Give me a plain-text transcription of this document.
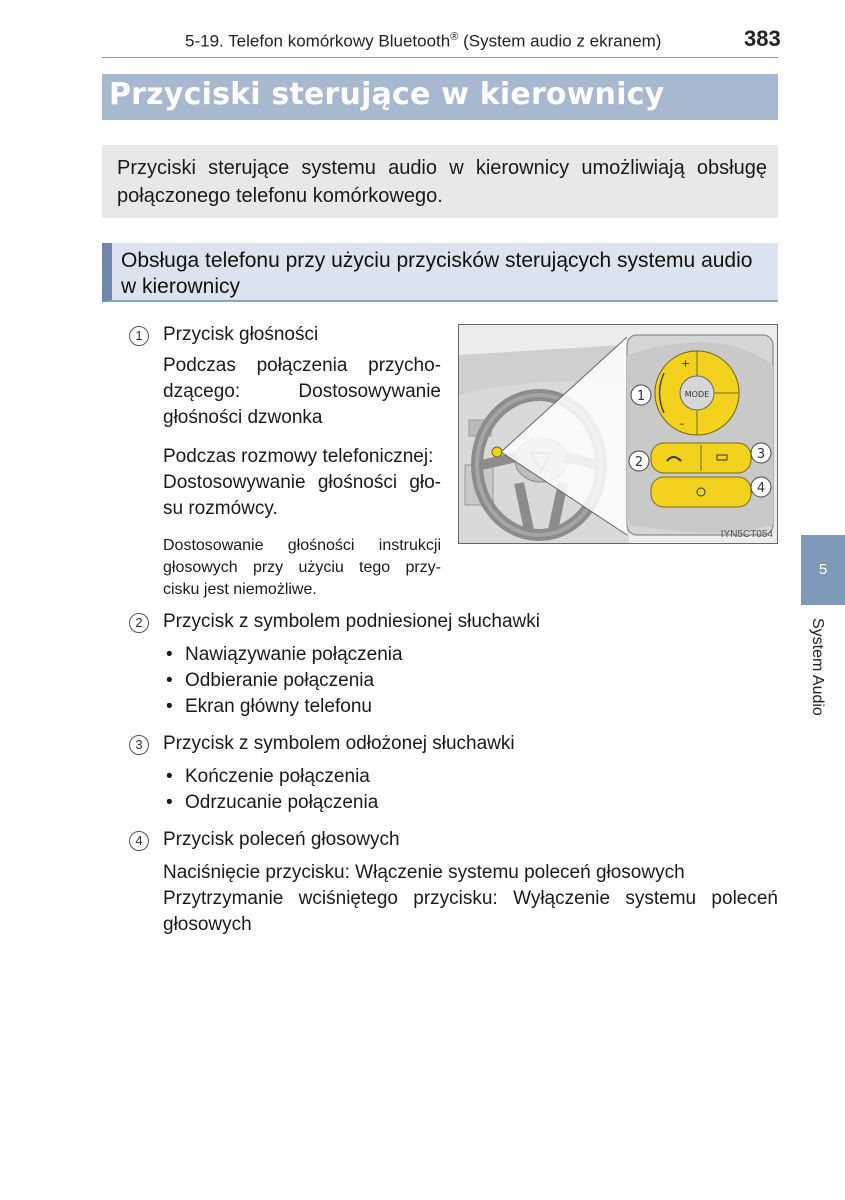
5-19. Telefon komórkowy Bluetooth® (System audio z ekranem)	383
Przyciski sterujące w kierownicy
Przyciski sterujące systemu audio w kierownicy umożliwiają obsługę połączonego telefonu komórkowego.
Obsługa telefonu przy użyciu przycisków sterujących systemu audio w kierownicy
1	Przycisk głośności
Podczas połączenia przycho-
dzącego: Dostosowywanie
głośności dzwonka
Podczas rozmowy telefonicznej:
Dostosowywanie głośności gło-
su rozmówcy.
Dostosowanie głośności instrukcji
głosowych przy użyciu tego przy-
cisku jest niemożliwe.
MODE
+
–
1
2
3
4
IYN5CT054
2	Przycisk z symbolem podniesionej słuchawki
• Nawiązywanie połączenia
• Odbieranie połączenia
• Ekran główny telefonu
3	Przycisk z symbolem odłożonej słuchawki
• Kończenie połączenia
• Odrzucanie połączenia
4	Przycisk poleceń głosowych
Naciśnięcie przycisku: Włączenie systemu poleceń głosowych
Przytrzymanie wciśniętego przycisku: Wyłączenie systemu poleceń
głosowych
5
System Audio
